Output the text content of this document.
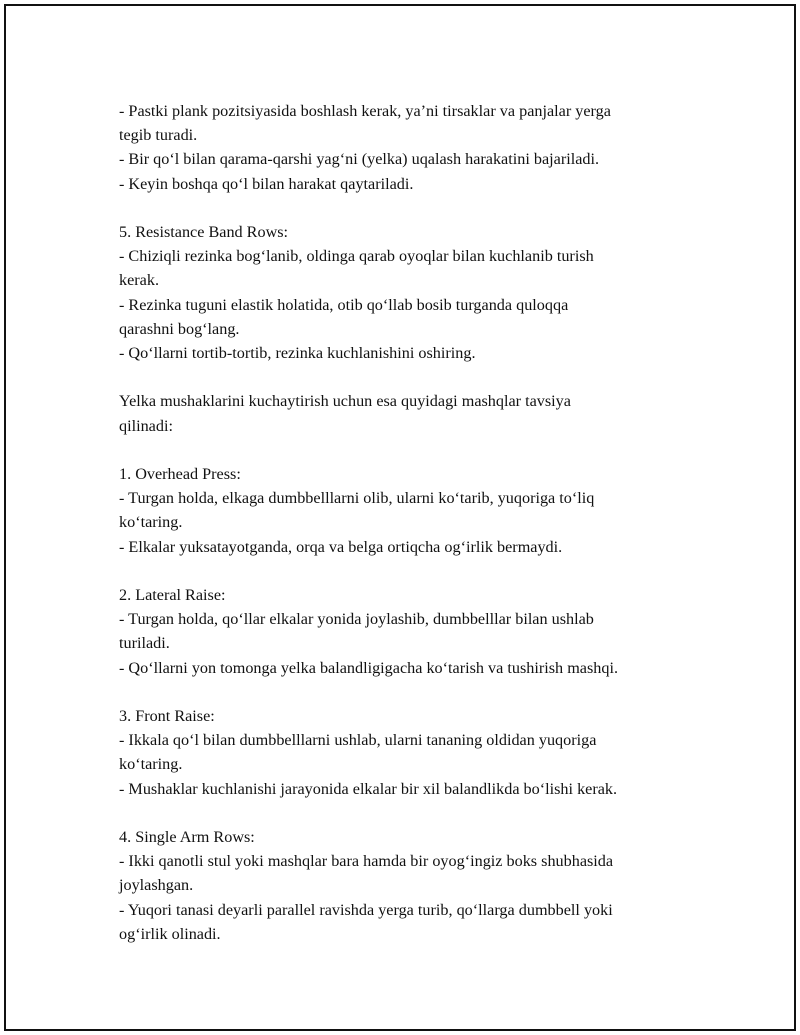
- Pastki plank pozitsiyasida boshlash kerak, ya’ni tirsaklar va panjalar yerga

tegib turadi.

- Bir qo‘l bilan qarama-qarshi yag‘ni (yelka) uqalash harakatini bajariladi.

- Keyin boshqa qo‘l bilan harakat qaytariladi.

5. Resistance Band Rows:

- Chiziqli rezinka bog‘lanib, oldinga qarab oyoqlar bilan kuchlanib turish

kerak.

- Rezinka tuguni elastik holatida, otib qo‘llab bosib turganda quloqqa

qarashni bog‘lang.

- Qo‘llarni tortib-tortib, rezinka kuchlanishini oshiring.

Yelka mushaklarini kuchaytirish uchun esa quyidagi mashqlar tavsiya

qilinadi:

1. Overhead Press:

- Turgan holda, elkaga dumbbelllarni olib, ularni ko‘tarib, yuqoriga to‘liq

ko‘taring.

- Elkalar yuksatayotganda, orqa va belga ortiqcha og‘irlik bermaydi.

2. Lateral Raise:

- Turgan holda, qo‘llar elkalar yonida joylashib, dumbbelllar bilan ushlab

turiladi.

- Qo‘llarni yon tomonga yelka balandligigacha ko‘tarish va tushirish mashqi.

3. Front Raise:

- Ikkala qo‘l bilan dumbbelllarni ushlab, ularni tananing oldidan yuqoriga

ko‘taring.

- Mushaklar kuchlanishi jarayonida elkalar bir xil balandlikda bo‘lishi kerak.

4. Single Arm Rows:

- Ikki qanotli stul yoki mashqlar bara hamda bir oyog‘ingiz boks shubhasida

joylashgan.

- Yuqori tanasi deyarli parallel ravishda yerga turib, qo‘llarga dumbbell yoki

og‘irlik olinadi.
